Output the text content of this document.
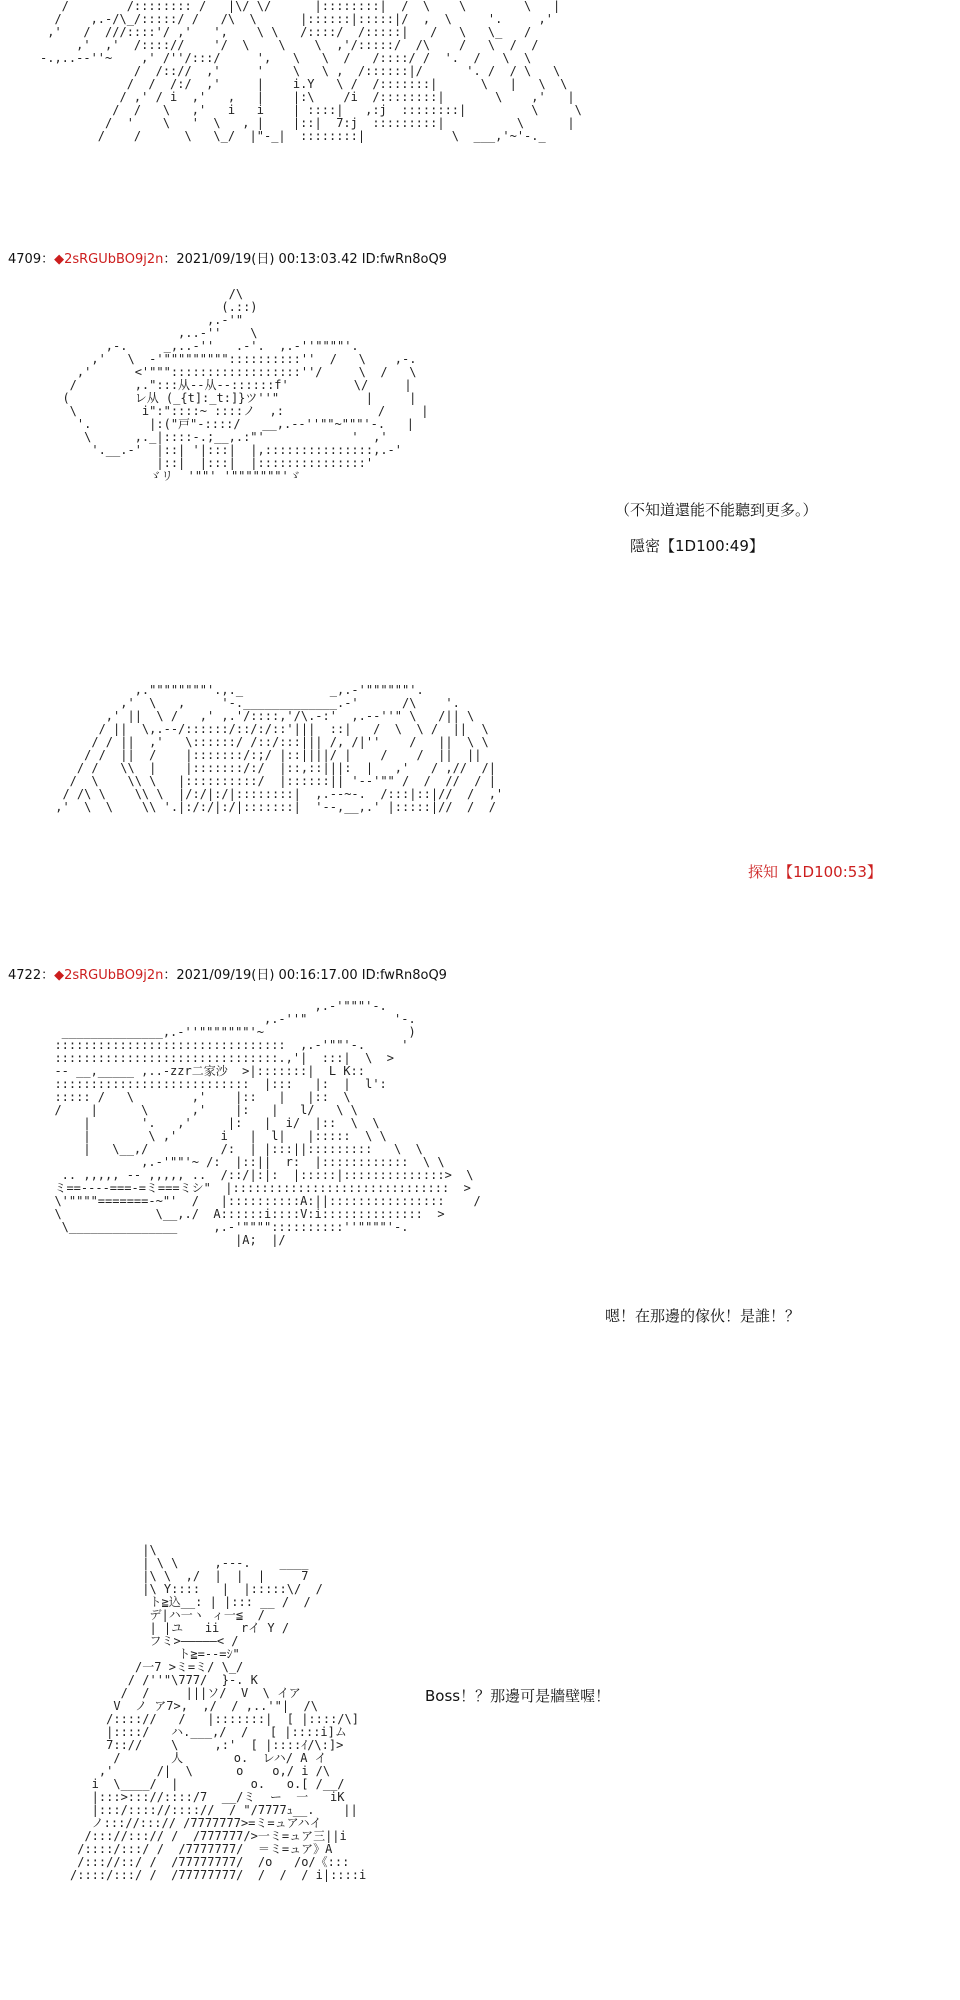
/        /:::::::: /   |\/ \/      |::::::::|  /  \    \        \   |
/    ,.-/\_/:::::/ /   /\  \      |::::::|:::::|/  ,  \     '.     ,'
,'   /  ///::::'/ ,'   ',    \ \   /::::/  /:::::|   /   \   \_   /
,'  ,'  /:::://    '/  \    \    \  ,'/:::::/  /\    /   \  /  /
-.,..--''~    ,' /''/:::/     ',   \   \  /   /::::/ /  '.  /   \  \
/  /:://  ,'     '    \   \ ,  /::::::|/      '. /  / \   \
/  /  /:/  ,'     |    i.Y   \ /  /:::::::|      \   |   \  \
/ ,' / i  ,'   ,   |    |:\    /i  /::::::::|       \    ,'   |
/  /   \   ,'   i   i    | ::::|   ,:j  ::::::::|         \     \
/  '    \   '  \   , |    |::|  7:j  :::::::::|          \      |
/    /      \   \_/  |"-_|  ::::::::|            \  ___,'~'-._
4709：◆2sRGUbBO9j2n：2021/09/19(日) 00:13:03.42 ID:fwRn8oQ9
/\
(.::)
,.-'"
,..-''    \
,-.     _,..-''   .-'.  ,.-''""""'.
,'   \  -'"""""""""::::::::::''  /   \    ,-.
,'      <'"""::::::::::::::::::''/     \  /   \
/        ,.":::从--从--::::::f'         \/     |
(         レ从 (_{t]:_t:]}ツ''"            |     |
\         i":"::::~ ::::ノ  ,:             /     |
'.        |:("戸"-::::/   __,.--''""~"""'-.   |
\      ,._|::::-.;__,.:"'            '  ,'
'.__.-'  |::| '|:::|  |,:::::::::::::::,.-'
|::|  |:::|  |:::::::::::::::'
ゞリ  '""' '"""""""'ゞ
（不知道還能不能聽到更多。）
隱密【1D100:49】
,.""""""""'.,._            _,.-'""""""'.
,'  \   ,     '-._____________.-'      /\    '.
,' ||  \ /   ,' ,.'/::::,'/\.-:'  ,.--''" \   /|| \
/ ||  \,.--/::::::/::/:/::'|||  ::|   /  \  \ /  ||  \
/ / ||  ,'   \::::::/ /::/:::||| /, /|''    /   ||  \ \
/ /  ||  /    |:::::::/:;/ |::||||/ |    /    /  ||  ||
/ /   \\  |    |:::::::/:/  |::,::|||:  |   ,'   / ,//  /|
/  \    \\ \   |::::::::::/  |::::::|| '--'"" /  /  //  / |
/ /\ \    \\ \  |/:/|:/|::::::::|  ,.--~-.  /:::|::|//  /  ,'
,'  \  \    \\ '.|:/:/|:/|:::::::|  '--,__,.' |:::::|//  /  /
探知【1D100:53】
4722：◆2sRGUbBO9j2n：2021/09/19(日) 00:16:17.00 ID:fwRn8oQ9
,.-'"""'-.
,.-''"            '-.
______________,.-''"""""""'~                    )
::::::::::::::::::::::::::::::::  ,.-'""'-.     '
:::::::::::::::::::::::::::::::.,'|  :::|  \  >
-- __,_____ ,..-zzr二家沙  >|:::::::|  L K::
:::::::::::::::::::::::::::  |:::   |:  |  l':
::::: /   \        ,'    |::   |   |::  \
/    |      \      ,'    |:   |   l/   \ \
|       '.   ,'     |:   |  i/  |::  \  \
|        \ ,'      i   |  l|   |:::::  \ \
|   \__,/          /:  | |:::||:::::::::   \  \
,.-'""'~ /:  |::||  r:  |::::::::::::  \ \
.. ,,,,, -- ,,,,, ..  /::/|:|:  |:::::|::::::::::::::>  \
ミ==----===-=ミ===ミシ"  |::::::::::::::::::::::::::::::  >
\'""""=======-~"'  /   |::::::::::A:||::::::::::::::::    /
\             \__,./  A::::::i::::V:i::::::::::::::  >
\_______________     ,.-'""""::::::::::''""""'-.
|A;  |/
嗯！在那邊的傢伙！是誰！？
|\
| \ \     ,---.    ____
|\ \  ,/  |  |  |     7
|\ Y::::   |  |:::::\/  /
ト≧込__: | |::: __ /  /
デ|ハ一ヽ ィ一≦  /
| |ユ   ii   rイ Y /
フミ>―――――< /
ト≧=--=ｼ"
/一7 >ミ=ミ/ \_/
/ /''"\777/  }-. K
/  /     |||ソ/  V  \ イア
V  ノ ア7>,  ,/  / ,..'"|  /\
/:::://   /   |:::::::|  [ |::::/\]
|::::/   ハ.___,/  /   [ |::::i]ム
7:://    \     ,:'  [ |::::ｲ/\:]>
/       人       o.  レハ/ A イ
,'      /|  \      o    o,/ i /\
i  \____/  |          o.   o.[ /__/
|:::>::://::::/7  __/ミ  ー  一   iK
|:::/:::://:::://  / "/7777ｭ__.    ||
ノ::://:::// /7777777>=ミ=ュアハイ
/::://:::// /  /777777/>一ミ=ュア三||i
/::::/:::/ /  /7777777/  ＝ミ=ュア》A
/::://::/ /  /77777777/  /o   /o/《:::
/::::/:::/ /  /77777777/  /  /  / i|::::i
Boss！？那邊可是牆壁喔！
